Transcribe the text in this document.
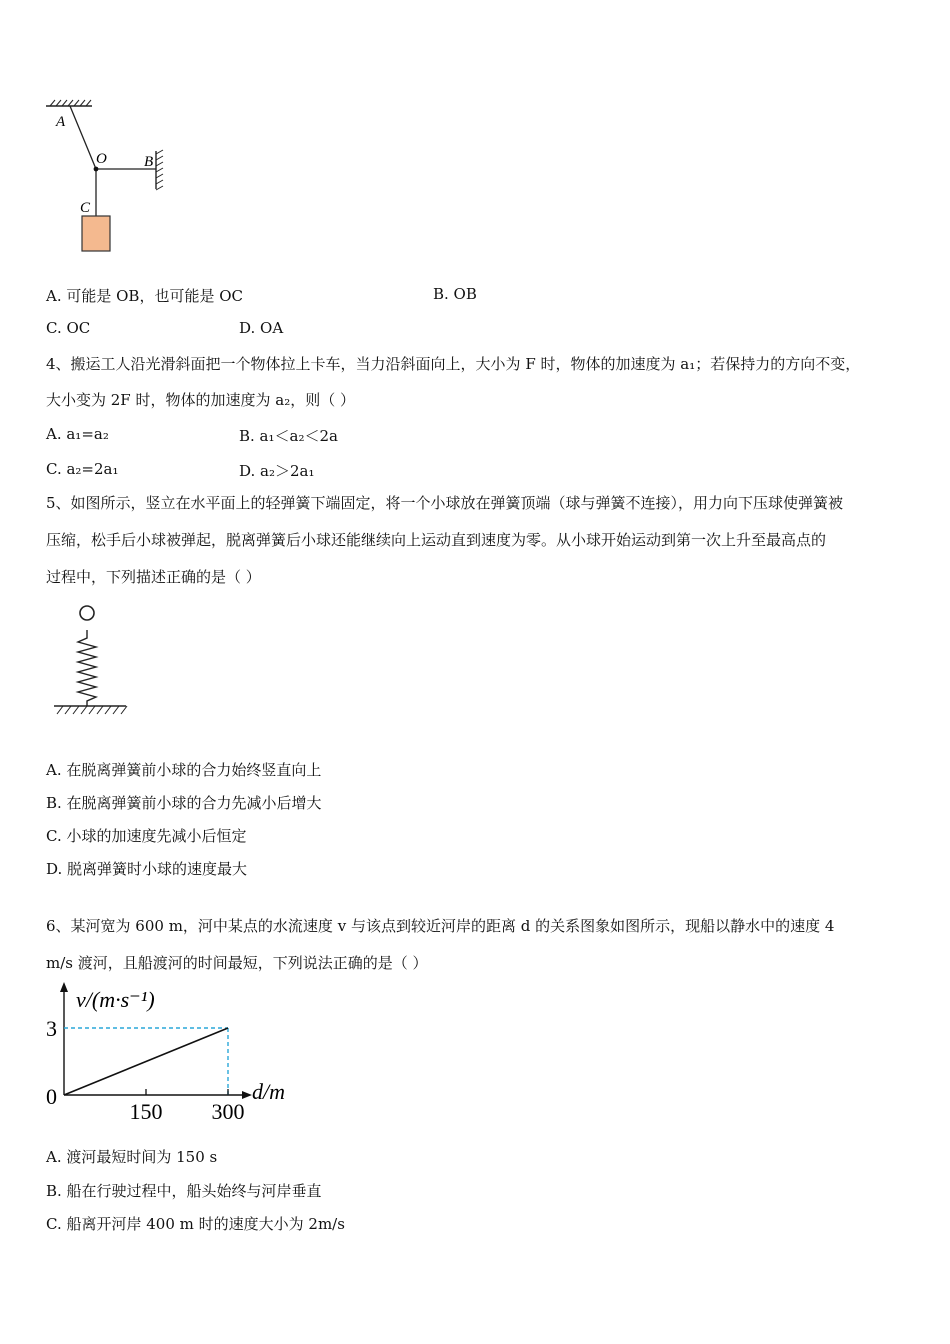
A
O B
C
A. 可能是 OB，也可能是 OC	B. OB
C. OC	D. OA
4、搬运工人沿光滑斜面把一个物体拉上卡车，当力沿斜面向上，大小为 F 时，物体的加速度为 a₁；若保持力的方向不变，
大小变为 2F 时，物体的加速度为 a₂，则（ ）
A. a₁=a₂	B. a₁＜a₂＜2a
C. a₂=2a₁	D. a₂＞2a₁
5、如图所示，竖立在水平面上的轻弹簧下端固定，将一个小球放在弹簧顶端（球与弹簧不连接），用力向下压球使弹簧被
压缩，松手后小球被弹起，脱离弹簧后小球还能继续向上运动直到速度为零。从小球开始运动到第一次上升至最高点的
过程中，下列描述正确的是（ ）
A. 在脱离弹簧前小球的合力始终竖直向上
B. 在脱离弹簧前小球的合力先减小后增大
C. 小球的加速度先减小后恒定
D. 脱离弹簧时小球的速度最大
6、某河宽为 600 m，河中某点的水流速度 v 与该点到较近河岸的距离 d 的关系图象如图所示，现船以静水中的速度 4
m/s 渡河，且船渡河的时间最短，下列说法正确的是（ ）
150 300
3
v/(m·s⁻¹)
d/m
0
A. 渡河最短时间为 150 s
B. 船在行驶过程中，船头始终与河岸垂直
C. 船离开河岸 400 m 时的速度大小为 2m/s
